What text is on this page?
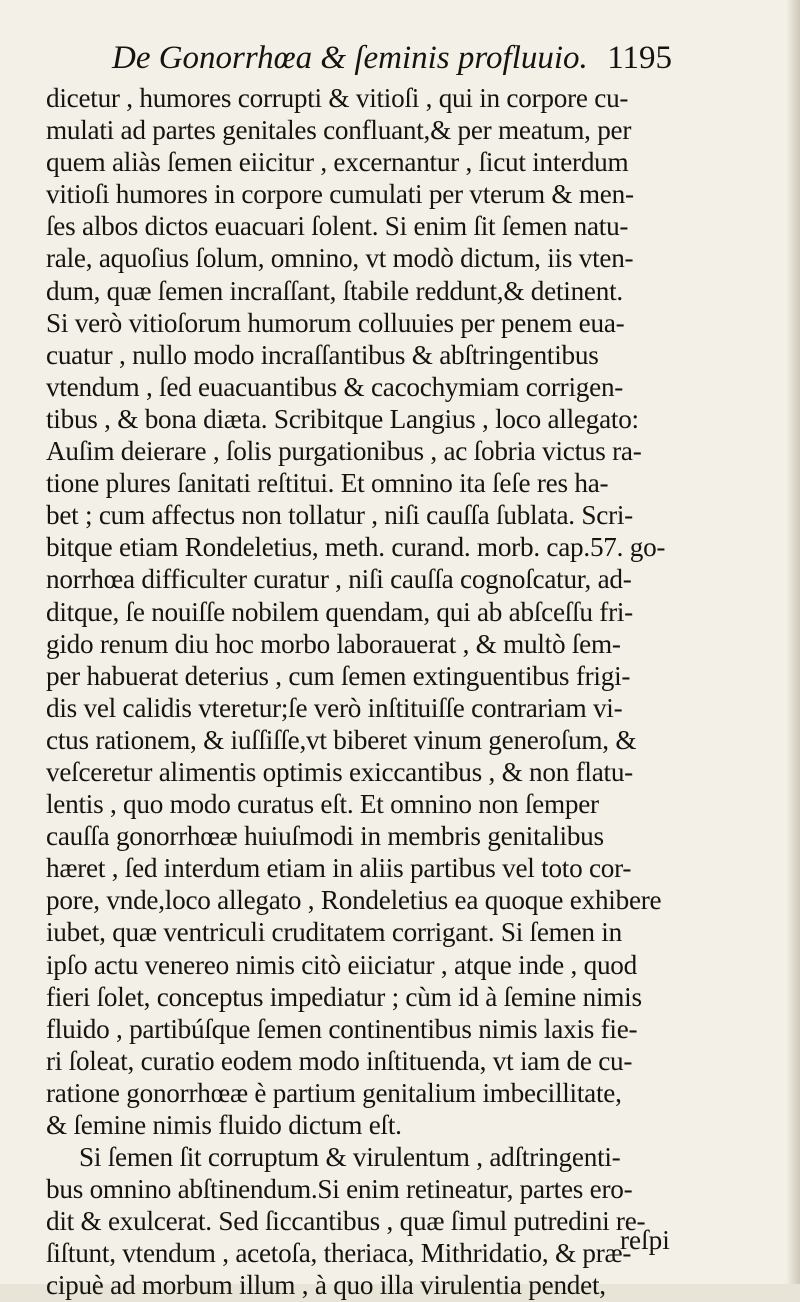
De Gonorrhœa & ſeminis profluuio. 1195
dicetur , humores corrupti & vitioſi , qui in corpore cu-
mulati ad partes genitales confluant,& per meatum, per
quem aliàs ſemen eiicitur , excernantur , ſicut interdum
vitioſi humores in corpore cumulati per vterum & men-
ſes albos dictos euacuari ſolent. Si enim ſit ſemen natu-
rale, aquoſius ſolum, omnino, vt modò dictum, iis vten-
dum, quæ ſemen incraſſant, ſtabile reddunt,& detinent.
Si verò vitioſorum humorum colluuies per penem eua-
cuatur , nullo modo incraſſantibus & abſtringentibus
vtendum , ſed euacuantibus & cacochymiam corrigen-
tibus , & bona diæta. Scribitque Langius , loco allegato:
Auſim deierare , ſolis purgationibus , ac ſobria victus ra-
tione plures ſanitati reſtitui. Et omnino ita ſeſe res ha-
bet ; cum affectus non tollatur , niſi cauſſa ſublata. Scri-
bitque etiam Rondeletius, meth. curand. morb. cap.57. go-
norrhœa difficulter curatur , niſi cauſſa cognoſcatur, ad-
ditque, ſe nouiſſe nobilem quendam, qui ab abſceſſu fri-
gido renum diu hoc morbo laborauerat , & multò ſem-
per habuerat deterius , cum ſemen extinguentibus frigi-
dis vel calidis vteretur;ſe verò inſtituiſſe contrariam vi-
ctus rationem, & iuſſiſſe,vt biberet vinum generoſum, &
veſceretur alimentis optimis exiccantibus , & non flatu-
lentis , quo modo curatus eſt. Et omnino non ſemper
cauſſa gonorrhœæ huiuſmodi in membris genitalibus
hæret , ſed interdum etiam in aliis partibus vel toto cor-
pore, vnde,loco allegato , Rondeletius ea quoque exhibere
iubet, quæ ventriculi cruditatem corrigant. Si ſemen in
ipſo actu venereo nimis citò eiiciatur , atque inde , quod
fieri ſolet, conceptus impediatur ; cùm id à ſemine nimis
fluido , partibúſque ſemen continentibus nimis laxis fie-
ri ſoleat, curatio eodem modo inſtituenda, vt iam de cu-
ratione gonorrhœæ è partium genitalium imbecillitate,
& ſemine nimis fluido dictum eſt.
Si ſemen ſit corruptum & virulentum , adſtringenti-
bus omnino abſtinendum.Si enim retineatur, partes ero-
dit & exulcerat. Sed ſiccantibus , quæ ſimul putredini re-
ſiſtunt, vtendum , acetoſa, theriaca, Mithridatio, & præ-
cipuè ad morbum illum , à quo illa virulentia pendet,
reſpi
